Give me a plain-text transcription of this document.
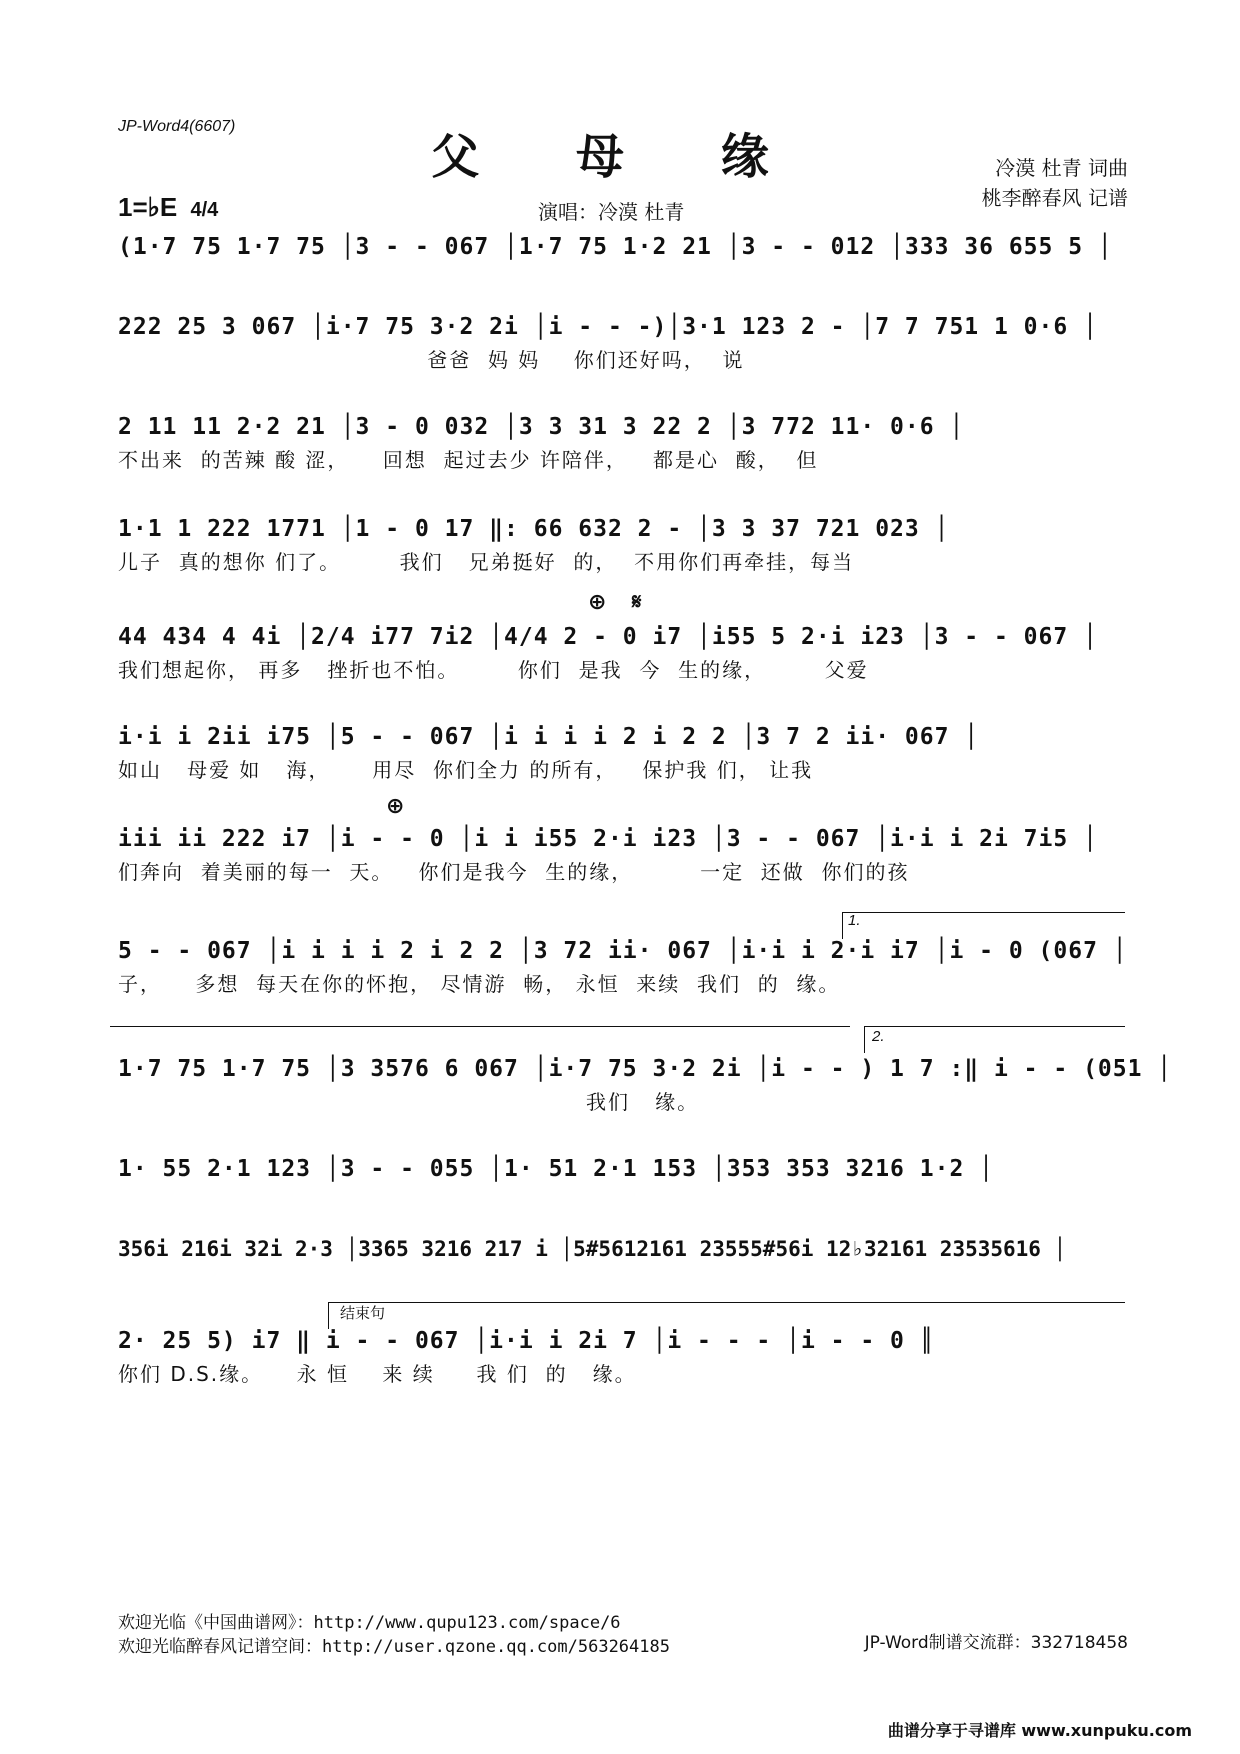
JP-Word4(6607)
父 母 缘	冷漠 杜青 词曲
桃李醉春风 记谱
1=♭E 4/4	演唱：冷漠 杜青
(1·7 75 1·7 75 │3 - - 067 │1·7 75 1·2 21 │3 - - 012 │333 36 655 5 │
222 25 3 067 │i·7 75 3·2 2i │i - - -)│3·1 123 2 - │7 7 751 1 0·6 │
爸爸  妈 妈    你们还好吗，  说
2 11 11 2·2 21 │3 - 0 032 │3 3 31 3 22 2 │3 772 11· 0·6 │
不出来  的苦辣 酸 涩，    回想  起过去少 许陪伴，   都是心  酸，  但
1·1 1 222 1771 │1 - 0 17 ‖: 66 632 2 - │3 3 37 721 023 │
儿子  真的想你 们了。       我们   兄弟挺好  的，  不用你们再牵挂，每当
⊕ 𝄋
44 434 4 4i │2/4 i77 7i2 │4/4 2 - 0 i7 │i55 5 2·i i23 │3 - - 067 │
我们想起你， 再多   挫折也不怕。       你们  是我  今  生的缘，       父爱
i·i i 2ii i75 │5 - - 067 │i i i i 2 i 2 2 │3 7 2 ii· 067 │
如山   母爱 如   海，     用尽  你们全力 的所有，   保护我 们， 让我
⊕
iii ii 222 i7 │i - - 0 │i i i55 2·i i23 │3 - - 067 │i·i i 2i 7i5 │
们奔向  着美丽的每一  天。   你们是我今  生的缘，        一定  还做  你们的孩
1.
5 - - 067 │i i i i 2 i 2 2 │3 72 ii· 067 │i·i i 2·i i7 │i - 0 (067 │
子，    多想  每天在你的怀抱， 尽情游  畅， 永恒  来续  我们  的  缘。
2.
1·7 75 1·7 75 │3 3576 6 067 │i·7 75 3·2 2i │i - - ) 1 7 :‖ i - - (051 │
我们   缘。
1· 55 2·1 123 │3 - - 055 │1· 51 2·1 153 │353 353 3216 1·2 │
356i 216i 32i 2·3 │3365 3216 217 i │5#5612161 23555#56i 12♭32161 23535616 │
结束句
2· 25 5) i7 ‖ i - - 067 │i·i i 2i 7 │i - - - │i - - 0 ║
你们 D.S.缘。    永 恒    来 续     我 们  的   缘。
欢迎光临《中国曲谱网》：http://www.qupu123.com/space/6
欢迎光临醉春风记谱空间：http://user.qzone.qq.com/563264185	JP-Word制谱交流群：332718458
曲谱分享于寻谱库 www.xunpuku.com
